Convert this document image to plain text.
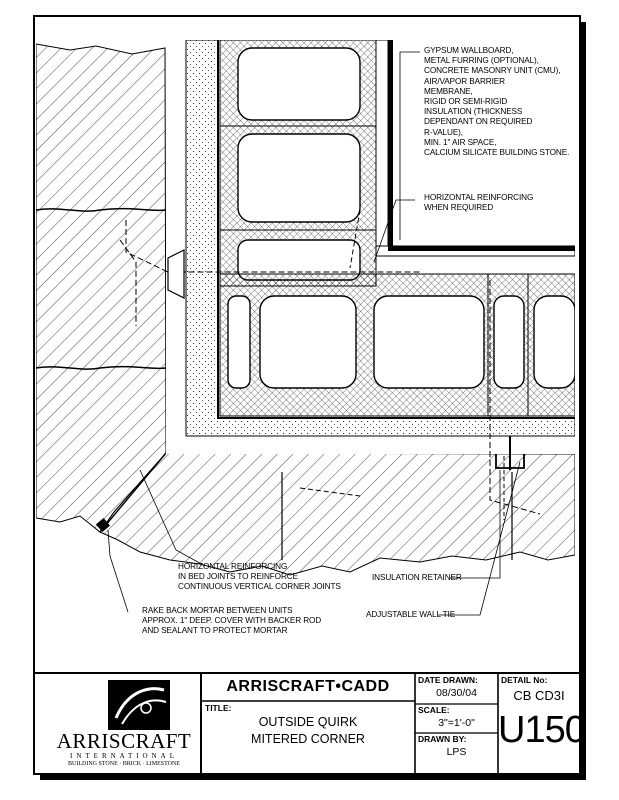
GYPSUM WALLBOARD,
METAL FURRING (OPTIONAL),
CONCRETE MASONRY UNIT (CMU),
AIR/VAPOR BARRIER
MEMBRANE,
RIGID OR SEMI-RIGID
INSULATION (THICKNESS
DEPENDANT ON REQUIRED
R-VALUE),
MIN. 1" AIR SPACE,
CALCIUM SILICATE BUILDING STONE.
HORIZONTAL REINFORCING
WHEN REQUIRED
HORIZONTAL REINFORCING
IN BED JOINTS TO REINFORCE
CONTINUOUS VERTICAL CORNER JOINTS
INSULATION RETAINER
RAKE BACK MORTAR BETWEEN UNITS
APPROX. 1" DEEP. COVER WITH BACKER ROD
AND SEALANT TO PROTECT MORTAR
ADJUSTABLE WALL TIE
ARRISCRAFT
INTERNATIONAL
BUILDING STONE · BRICK · LIMESTONE
ARRISCRAFT•CADD
TITLE:
OUTSIDE QUIRK
MITERED CORNER
DATE DRAWN:
08/30/04
SCALE:
3"=1'-0"
DRAWN BY:
LPS
DETAIL No:
CB CD3I
U150
